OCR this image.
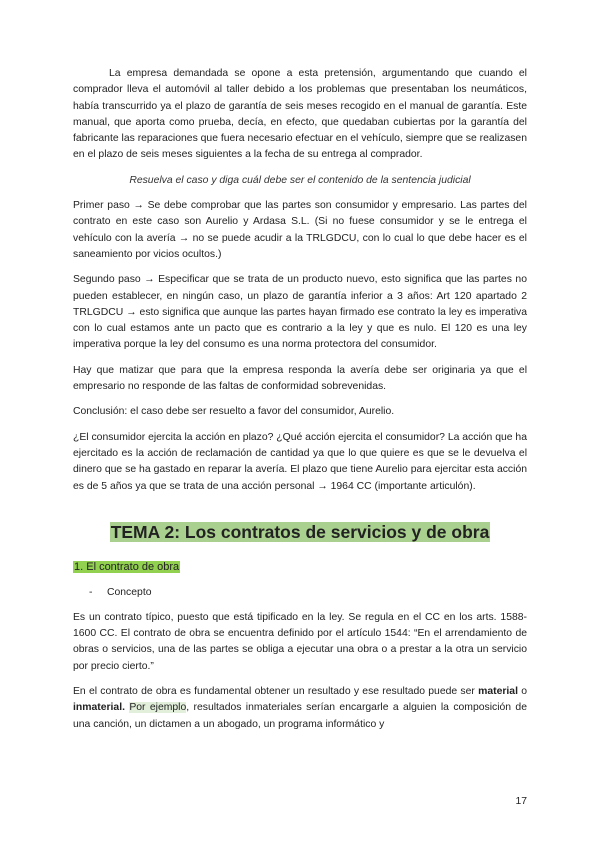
La empresa demandada se opone a esta pretensión, argumentando que cuando el comprador lleva el automóvil al taller debido a los problemas que presentaban los neumáticos, había transcurrido ya el plazo de garantía de seis meses recogido en el manual de garantía. Este manual, que aporta como prueba, decía, en efecto, que quedaban cubiertas por la garantía del fabricante las reparaciones que fuera necesario efectuar en el vehículo, siempre que se realizasen en el plazo de seis meses siguientes a la fecha de su entrega al comprador.

Resuelva el caso y diga cuál debe ser el contenido de la sentencia judicial

Primer paso → Se debe comprobar que las partes son consumidor y empresario. Las partes del contrato en este caso son Aurelio y Ardasa S.L. (Si no fuese consumidor y se le entrega el vehículo con la avería → no se puede acudir a la TRLGDCU, con lo cual lo que debe hacer es el saneamiento por vicios ocultos.)

Segundo paso → Especificar que se trata de un producto nuevo, esto significa que las partes no pueden establecer, en ningún caso, un plazo de garantía inferior a 3 años: Art 120 apartado 2 TRLGDCU → esto significa que aunque las partes hayan firmado ese contrato la ley es imperativa con lo cual estamos ante un pacto que es contrario a la ley y que es nulo. El 120 es una ley imperativa porque la ley del consumo es una norma protectora del consumidor.

Hay que matizar que para que la empresa responda la avería debe ser originaria ya que el empresario no responde de las faltas de conformidad sobrevenidas.

Conclusión: el caso debe ser resuelto a favor del consumidor, Aurelio.

¿El consumidor ejercita la acción en plazo? ¿Qué acción ejercita el consumidor? La acción que ha ejercitado es la acción de reclamación de cantidad ya que lo que quiere es que se le devuelva el dinero que se ha gastado en reparar la avería. El plazo que tiene Aurelio para ejercitar esta acción es de 5 años ya que se trata de una acción personal → 1964 CC (importante articulón).

TEMA 2: Los contratos de servicios y de obra
1. El contrato de obra
-	Concepto

Es un contrato típico, puesto que está tipificado en la ley. Se regula en el CC en los arts. 1588-1600 CC. El contrato de obra se encuentra definido por el artículo 1544: “En el arrendamiento de obras o servicios, una de las partes se obliga a ejecutar una obra o a prestar a la otra un servicio por precio cierto.”

En el contrato de obra es fundamental obtener un resultado y ese resultado puede ser material o inmaterial. Por ejemplo, resultados inmateriales serían encargarle a alguien la composición de una canción, un dictamen a un abogado, un programa informático y

17
